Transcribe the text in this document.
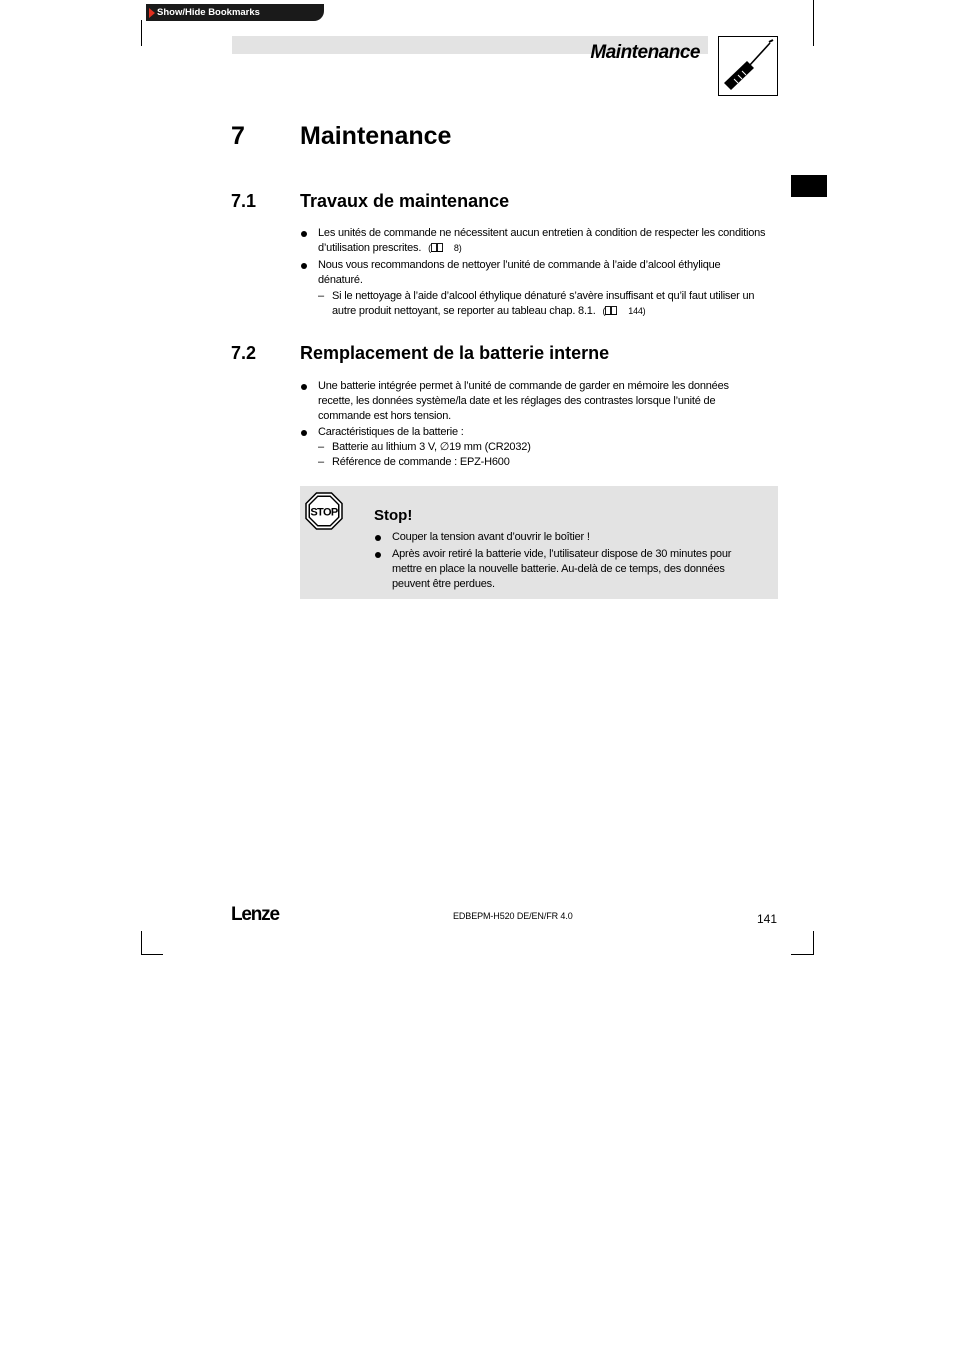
Show/Hide Bookmarks
Maintenance
7 Maintenance
7.1 Travaux de maintenance
Les unités de commande ne nécessitent aucun entretien à condition de respecter les conditions
d’utilisation prescrites. (	8)
Nous vous recommandons de nettoyer l’unité de commande à l’aide d’alcool éthylique
dénaturé.
– Si le nettoyage à l’aide d’alcool éthylique dénaturé s’avère insuffisant et qu’il faut utiliser un
autre produit nettoyant, se reporter au tableau chap. 8.1. (	144)
7.2 Remplacement de la batterie interne
Une batterie intégrée permet à l’unité de commande de garder en mémoire les données
recette, les données système/la date et les réglages des contrastes lorsque l’unité de
commande est hors tension.
Caractéristiques de la batterie :
– Batterie au lithium 3 V, ∅19 mm (CR2032)
– Référence de commande : EPZ-H600
STOP Stop!
Couper la tension avant d’ouvrir le boîtier !
Après avoir retiré la batterie vide, l’utilisateur dispose de 30 minutes pour
mettre en place la nouvelle batterie. Au-delà de ce temps, des données
peuvent être perdues.
Lenze	EDBEPM-H520 DE/EN/FR 4.0	141
